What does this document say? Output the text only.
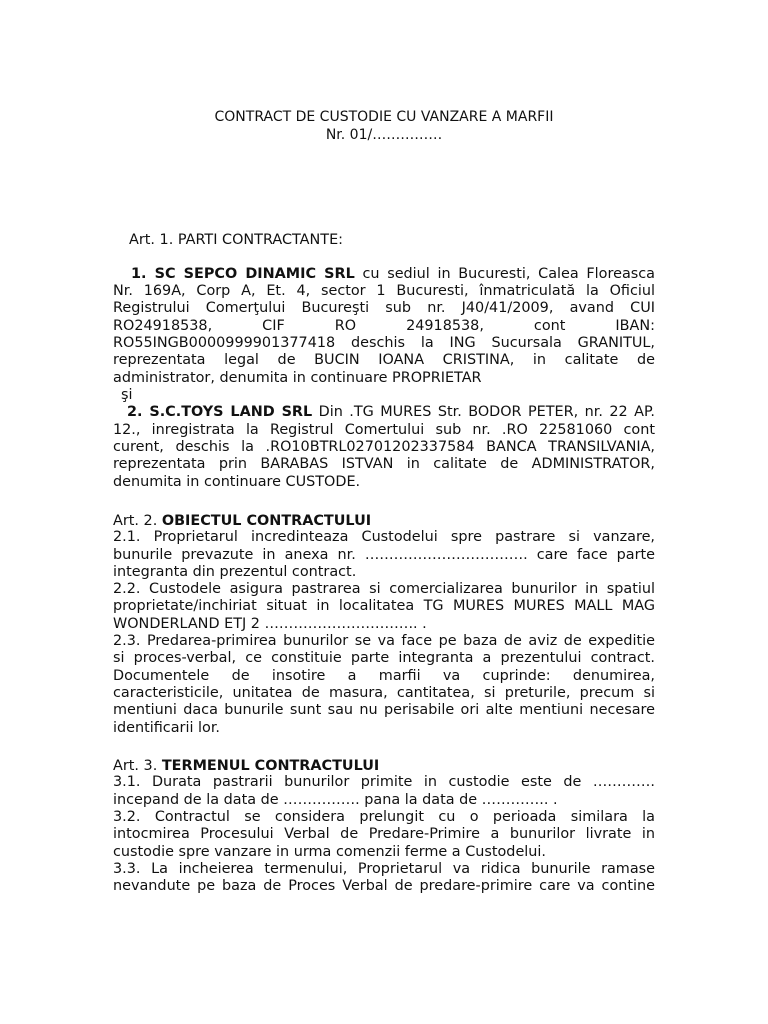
CONTRACT DE CUSTODIE CU VANZARE A MARFII
Nr. 01/……………
Art. 1. PARTI CONTRACTANTE:
1. SC SEPCO DINAMIC SRL cu sediul in Bucuresti, Calea Floreasca
Nr. 169A, Corp A, Et. 4, sector 1 Bucuresti, înmatriculată la Oficiul
Registrului Comerţului Bucureşti sub nr. J40/41/2009, avand CUI
RO24918538, CIF RO 24918538, cont IBAN:
RO55INGB0000999901377418 deschis la ING Sucursala GRANITUL,
reprezentata legal de BUCIN IOANA CRISTINA, in calitate de
administrator, denumita in continuare PROPRIETAR
şi
2. S.C.TOYS LAND SRL Din .TG MURES Str. BODOR PETER, nr. 22 AP.
12., inregistrata la Registrul Comertului sub nr. .RO 22581060 cont
curent, deschis la .RO10BTRL02701202337584 BANCA TRANSILVANIA,
reprezentata prin BARABAS ISTVAN in calitate de ADMINISTRATOR,
denumita in continuare CUSTODE.
Art. 2. OBIECTUL CONTRACTULUI
2.1. Proprietarul incredinteaza Custodelui spre pastrare si vanzare,
bunurile prevazute in anexa nr. ……………………………. care face parte
integranta din prezentul contract.
2.2. Custodele asigura pastrarea si comercializarea bunurilor in spatiul
proprietate/inchiriat situat in localitatea TG MURES MURES MALL MAG
WONDERLAND ETJ 2 ………………………….. .
2.3. Predarea-primirea bunurilor se va face pe baza de aviz de expeditie
si proces-verbal, ce constituie parte integranta a prezentului contract.
Documentele de insotire a marfii va cuprinde: denumirea,
caracteristicile, unitatea de masura, cantitatea, si preturile, precum si
mentiuni daca bunurile sunt sau nu perisabile ori alte mentiuni necesare
identificarii lor.
Art. 3. TERMENUL CONTRACTULUI
3.1. Durata pastrarii bunurilor primite in custodie este de ………….
incepand de la data de ……………. pana la data de ………….. .
3.2. Contractul se considera prelungit cu o perioada similara la
intocmirea Procesului Verbal de Predare-Primire a bunurilor livrate in
custodie spre vanzare in urma comenzii ferme a Custodelui.
3.3. La incheierea termenului, Proprietarul va ridica bunurile ramase
nevandute pe baza de Proces Verbal de predare-primire care va contine
